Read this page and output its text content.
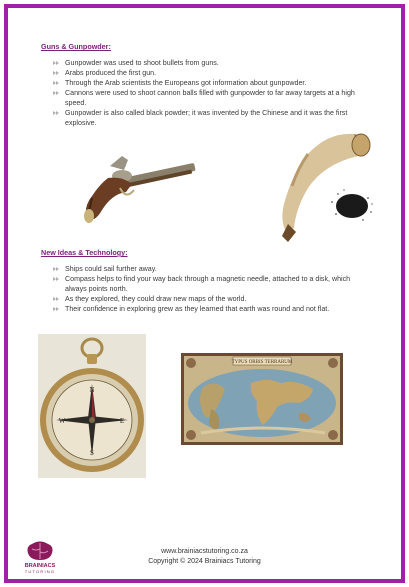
Guns & Gunpowder:
Gunpowder was used to shoot bullets from guns.
Arabs produced the first gun.
Through the Arab scientists the Europeans got information about gunpowder.
Cannons were used to shoot cannon balls filled with gunpowder to far away targets at a high speed.
Gunpowder is also called black powder; it was invented by the Chinese and it was the first explosive.
New Ideas & Technology:
Ships could sail further away.
Compass helps to find your way back through a magnetic needle, attached to a disk, which always points north.
As they explored, they could draw new maps of the world.
Their confidence in exploring grew as they learned that earth was round and not flat.
N
S
E
W
TYPUS ORBIS TERRARUM
BRAINIACS
TUTORING
www.brainiacstutoring.co.za
Copyright © 2024 Brainiacs Tutoring
